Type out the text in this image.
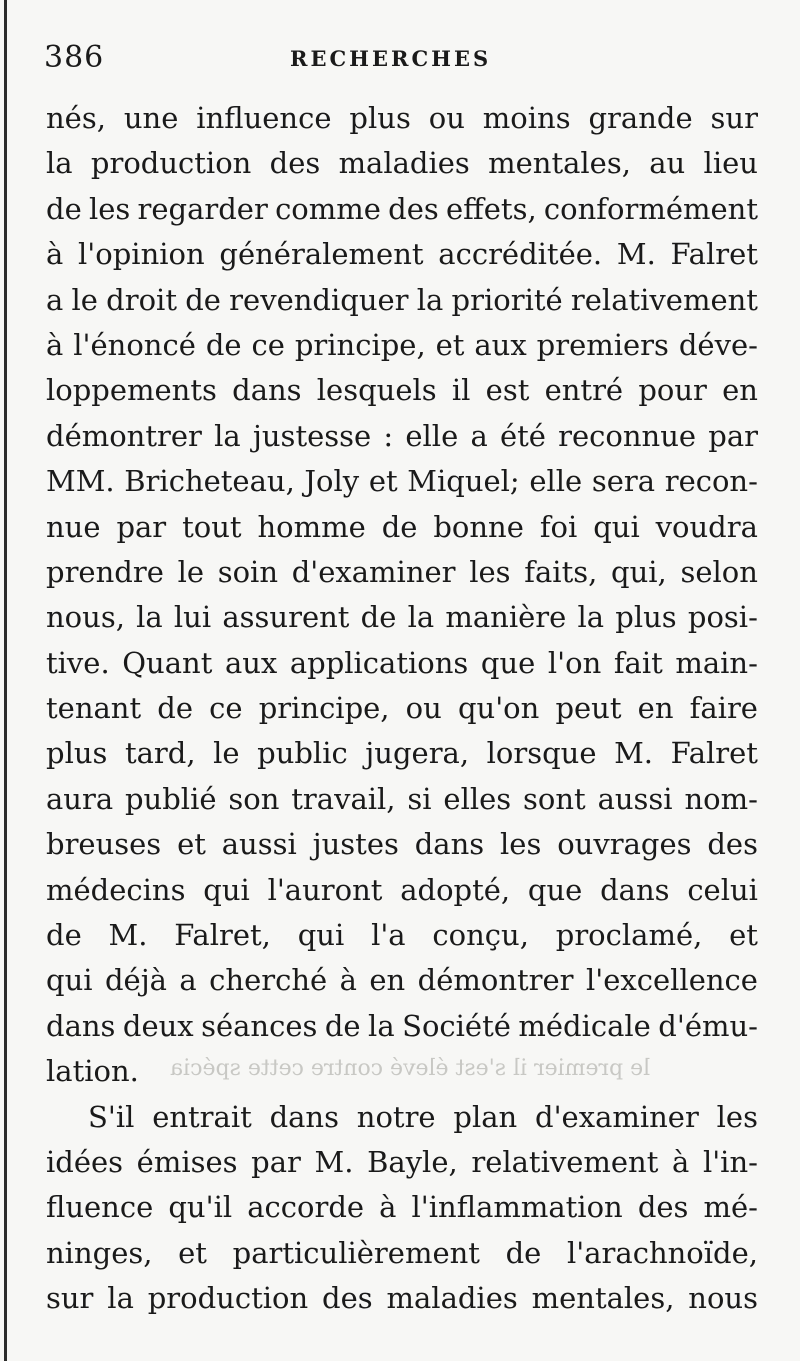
386	RECHERCHES
nés, une influence plus ou moins grande sur
la production des maladies mentales, au lieu
de les regarder comme des effets, conformément
à l'opinion généralement accréditée. M. Falret
a le droit de revendiquer la priorité relativement
à l'énoncé de ce principe, et aux premiers déve-
loppements dans lesquels il est entré pour en
démontrer la justesse : elle a été reconnue par
MM. Bricheteau, Joly et Miquel; elle sera recon-
nue par tout homme de bonne foi qui voudra
prendre le soin d'examiner les faits, qui, selon
nous, la lui assurent de la manière la plus posi-
tive. Quant aux applications que l'on fait main-
tenant de ce principe, ou qu'on peut en faire
plus tard, le public jugera, lorsque M. Falret
aura publié son travail, si elles sont aussi nom-
breuses et aussi justes dans les ouvrages des
médecins qui l'auront adopté, que dans celui
de M. Falret, qui l'a conçu, proclamé, et
qui déjà a cherché à en démontrer l'excellence
dans deux séances de la Société médicale d'ému-
lation.
S'il entrait dans notre plan d'examiner les
idées émises par M. Bayle, relativement à l'in-
fluence qu'il accorde à l'inflammation des mé-
ninges, et particulièrement de l'arachnoïde,
sur la production des maladies mentales, nous
le premier il s'est élevé contre cette spécia
